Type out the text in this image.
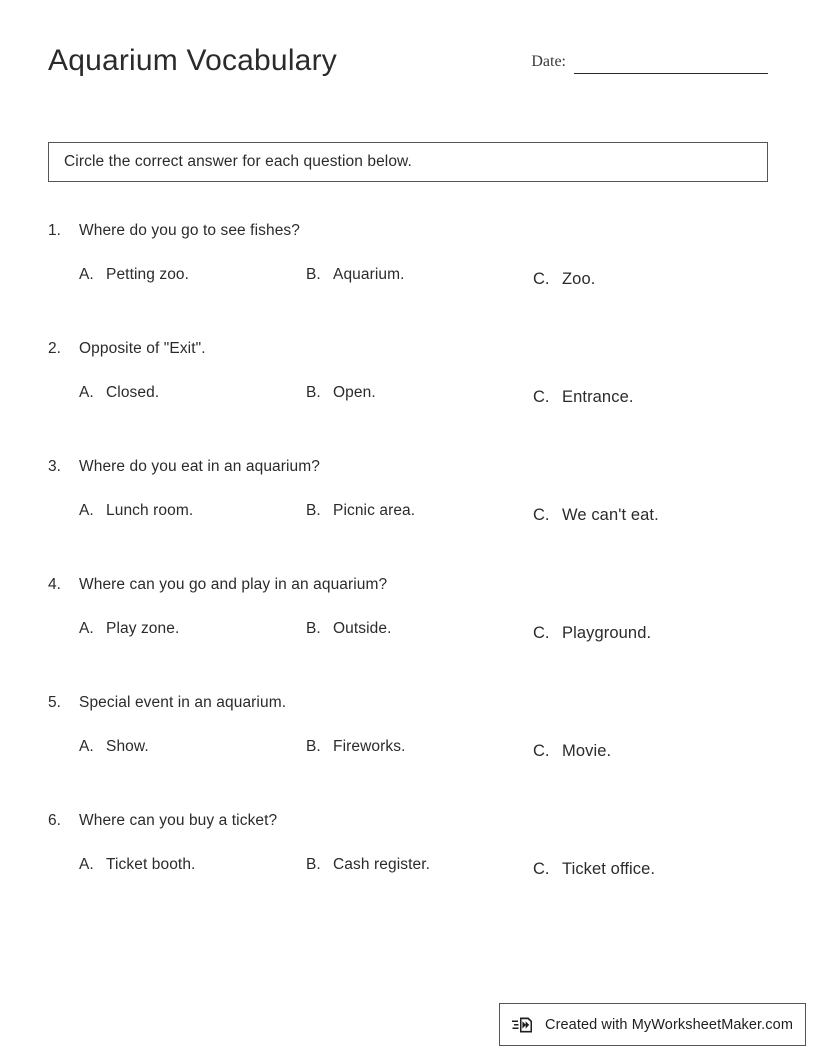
Aquarium Vocabulary	Date:
Circle the correct answer for each question below.
1.	Where do you go to see fishes?
A. Petting zoo.	B. Aquarium.	C. Zoo.
2.	Opposite of "Exit".
A. Closed.	B. Open.	C. Entrance.
3.	Where do you eat in an aquarium?
A. Lunch room.	B. Picnic area.	C. We can't eat.
4.	Where can you go and play in an aquarium?
A. Play zone.	B. Outside.	C. Playground.
5.	Special event in an aquarium.
A. Show.	B. Fireworks.	C. Movie.
6.	Where can you buy a ticket?
A. Ticket booth.	B. Cash register.	C. Ticket office.
Created with MyWorksheetMaker.com
